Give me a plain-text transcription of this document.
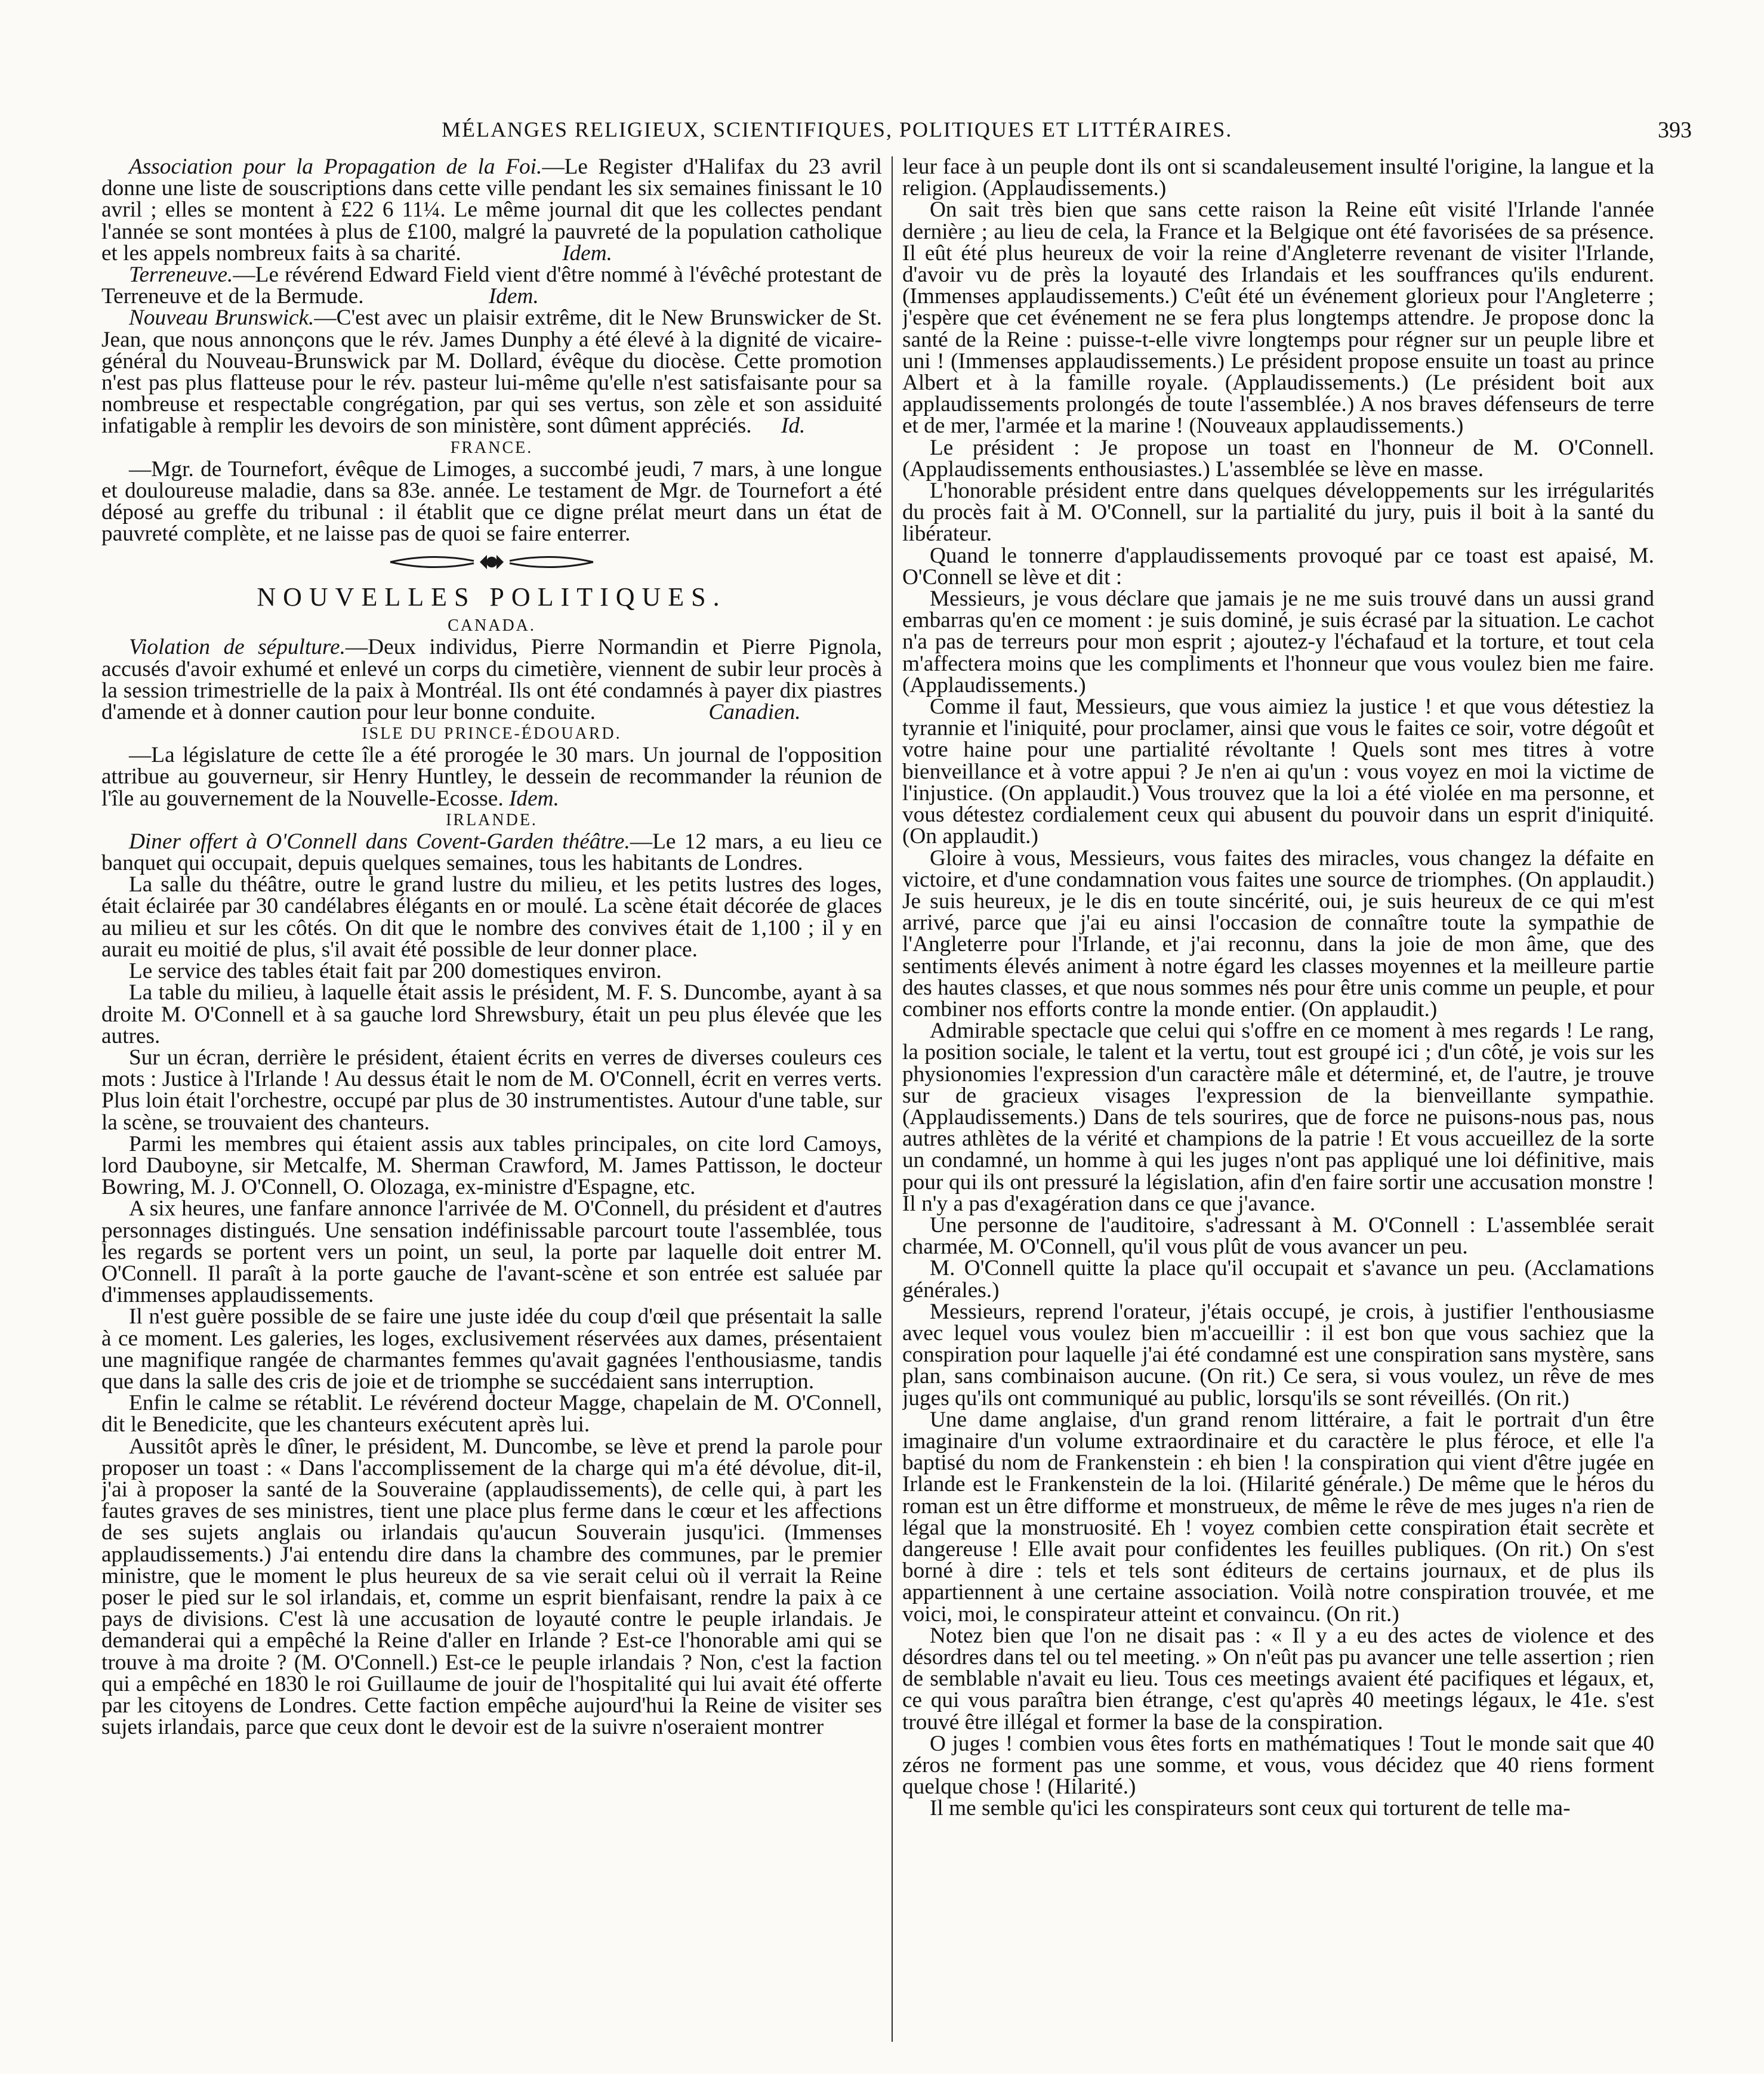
MÉLANGES RELIGIEUX, SCIENTIFIQUES, POLITIQUES ET LITTÉRAIRES.	393

Association pour la Propagation de la Foi.—Le Register d'Halifax du 23 avril donne une liste de souscriptions dans cette ville pendant les six semaines finissant le 10 avril ; elles se montent à £22 6 11¼. Le même journal dit que les collectes pendant l'année se sont montées à plus de £100, malgré la pauvreté de la population catholique et les appels nombreux faits à sa charité.	Idem.

Terreneuve.—Le révérend Edward Field vient d'être nommé à l'évêché protestant de Terreneuve et de la Bermude.	Idem.

Nouveau Brunswick.—C'est avec un plaisir extrême, dit le New Brunswicker de St. Jean, que nous annonçons que le rév. James Dunphy a été élevé à la dignité de vicaire-général du Nouveau-Brunswick par M. Dollard, évêque du diocèse. Cette promotion n'est pas plus flatteuse pour le rév. pasteur lui-même qu'elle n'est satisfaisante pour sa nombreuse et respectable congrégation, par qui ses vertus, son zèle et son assiduité infatigable à remplir les devoirs de son ministère, sont dûment appréciés. Id.

FRANCE.

—Mgr. de Tournefort, évêque de Limoges, a succombé jeudi, 7 mars, à une longue et douloureuse maladie, dans sa 83e. année. Le testament de Mgr. de Tournefort a été déposé au greffe du tribunal : il établit que ce digne prélat meurt dans un état de pauvreté complète, et ne laisse pas de quoi se faire enterrer.

NOUVELLES POLITIQUES.

CANADA.

Violation de sépulture.—Deux individus, Pierre Normandin et Pierre Pignola, accusés d'avoir exhumé et enlevé un corps du cimetière, viennent de subir leur procès à la session trimestrielle de la paix à Montréal. Ils ont été condamnés à payer dix piastres d'amende et à donner caution pour leur bonne conduite.	Canadien.

ISLE DU PRINCE-ÉDOUARD.

—La législature de cette île a été prorogée le 30 mars. Un journal de l'opposition attribue au gouverneur, sir Henry Huntley, le dessein de recommander la réunion de l'île au gouvernement de la Nouvelle-Ecosse. Idem.

IRLANDE.

Diner offert à O'Connell dans Covent-Garden théâtre.—Le 12 mars, a eu lieu ce banquet qui occupait, depuis quelques semaines, tous les habitants de Londres.

La salle du théâtre, outre le grand lustre du milieu, et les petits lustres des loges, était éclairée par 30 candélabres élégants en or moulé. La scène était décorée de glaces au milieu et sur les côtés. On dit que le nombre des convives était de 1,100 ; il y en aurait eu moitié de plus, s'il avait été possible de leur donner place.

Le service des tables était fait par 200 domestiques environ.

La table du milieu, à laquelle était assis le président, M. F. S. Duncombe, ayant à sa droite M. O'Connell et à sa gauche lord Shrewsbury, était un peu plus élevée que les autres.

Sur un écran, derrière le président, étaient écrits en verres de diverses couleurs ces mots : Justice à l'Irlande ! Au dessus était le nom de M. O'Connell, écrit en verres verts. Plus loin était l'orchestre, occupé par plus de 30 instrumentistes. Autour d'une table, sur la scène, se trouvaient des chanteurs.

Parmi les membres qui étaient assis aux tables principales, on cite lord Camoys, lord Dauboyne, sir Metcalfe, M. Sherman Crawford, M. James Pattisson, le docteur Bowring, M. J. O'Connell, O. Olozaga, ex-ministre d'Espagne, etc.

A six heures, une fanfare annonce l'arrivée de M. O'Connell, du président et d'autres personnages distingués. Une sensation indéfinissable parcourt toute l'assemblée, tous les regards se portent vers un point, un seul, la porte par laquelle doit entrer M. O'Connell. Il paraît à la porte gauche de l'avant-scène et son entrée est saluée par d'immenses applaudissements.

Il n'est guère possible de se faire une juste idée du coup d'œil que présentait la salle à ce moment. Les galeries, les loges, exclusivement réservées aux dames, présentaient une magnifique rangée de charmantes femmes qu'avait gagnées l'enthousiasme, tandis que dans la salle des cris de joie et de triomphe se succédaient sans interruption.

Enfin le calme se rétablit. Le révérend docteur Magge, chapelain de M. O'Connell, dit le Benedicite, que les chanteurs exécutent après lui.

Aussitôt après le dîner, le président, M. Duncombe, se lève et prend la parole pour proposer un toast : « Dans l'accomplissement de la charge qui m'a été dévolue, dit-il, j'ai à proposer la santé de la Souveraine (applaudissements), de celle qui, à part les fautes graves de ses ministres, tient une place plus ferme dans le cœur et les affections de ses sujets anglais ou irlandais qu'aucun Souverain jusqu'ici. (Immenses applaudissements.) J'ai entendu dire dans la chambre des communes, par le premier ministre, que le moment le plus heureux de sa vie serait celui où il verrait la Reine poser le pied sur le sol irlandais, et, comme un esprit bienfaisant, rendre la paix à ce pays de divisions. C'est là une accusation de loyauté contre le peuple irlandais. Je demanderai qui a empêché la Reine d'aller en Irlande ? Est-ce l'honorable ami qui se trouve à ma droite ? (M. O'Connell.) Est-ce le peuple irlandais ? Non, c'est la faction qui a empêché en 1830 le roi Guillaume de jouir de l'hospitalité qui lui avait été offerte par les citoyens de Londres. Cette faction empêche aujourd'hui la Reine de visiter ses sujets irlandais, parce que ceux dont le devoir est de la suivre n'oseraient montrer

leur face à un peuple dont ils ont si scandaleusement insulté l'origine, la langue et la religion. (Applaudissements.)

On sait très bien que sans cette raison la Reine eût visité l'Irlande l'année dernière ; au lieu de cela, la France et la Belgique ont été favorisées de sa présence. Il eût été plus heureux de voir la reine d'Angleterre revenant de visiter l'Irlande, d'avoir vu de près la loyauté des Irlandais et les souffrances qu'ils endurent. (Immenses applaudissements.) C'eût été un événement glorieux pour l'Angleterre ; j'espère que cet événement ne se fera plus longtemps attendre. Je propose donc la santé de la Reine : puisse-t-elle vivre longtemps pour régner sur un peuple libre et uni ! (Immenses applaudissements.) Le président propose ensuite un toast au prince Albert et à la famille royale. (Applaudissements.) (Le président boit aux applaudissements prolongés de toute l'assemblée.) A nos braves défenseurs de terre et de mer, l'armée et la marine ! (Nouveaux applaudissements.)

Le président : Je propose un toast en l'honneur de M. O'Connell. (Applaudissements enthousiastes.) L'assemblée se lève en masse.

L'honorable président entre dans quelques développements sur les irrégularités du procès fait à M. O'Connell, sur la partialité du jury, puis il boit à la santé du libérateur.

Quand le tonnerre d'applaudissements provoqué par ce toast est apaisé, M. O'Connell se lève et dit :

Messieurs, je vous déclare que jamais je ne me suis trouvé dans un aussi grand embarras qu'en ce moment : je suis dominé, je suis écrasé par la situation. Le cachot n'a pas de terreurs pour mon esprit ; ajoutez-y l'échafaud et la torture, et tout cela m'affectera moins que les compliments et l'honneur que vous voulez bien me faire. (Applaudissements.)

Comme il faut, Messieurs, que vous aimiez la justice ! et que vous détestiez la tyrannie et l'iniquité, pour proclamer, ainsi que vous le faites ce soir, votre dégoût et votre haine pour une partialité révoltante ! Quels sont mes titres à votre bienveillance et à votre appui ? Je n'en ai qu'un : vous voyez en moi la victime de l'injustice. (On applaudit.) Vous trouvez que la loi a été violée en ma personne, et vous détestez cordialement ceux qui abusent du pouvoir dans un esprit d'iniquité. (On applaudit.)

Gloire à vous, Messieurs, vous faites des miracles, vous changez la défaite en victoire, et d'une condamnation vous faites une source de triomphes. (On applaudit.) Je suis heureux, je le dis en toute sincérité, oui, je suis heureux de ce qui m'est arrivé, parce que j'ai eu ainsi l'occasion de connaître toute la sympathie de l'Angleterre pour l'Irlande, et j'ai reconnu, dans la joie de mon âme, que des sentiments élevés animent à notre égard les classes moyennes et la meilleure partie des hautes classes, et que nous sommes nés pour être unis comme un peuple, et pour combiner nos efforts contre la monde entier. (On applaudit.)

Admirable spectacle que celui qui s'offre en ce moment à mes regards ! Le rang, la position sociale, le talent et la vertu, tout est groupé ici ; d'un côté, je vois sur les physionomies l'expression d'un caractère mâle et déterminé, et, de l'autre, je trouve sur de gracieux visages l'expression de la bienveillante sympathie. (Applaudissements.) Dans de tels sourires, que de force ne puisons-nous pas, nous autres athlètes de la vérité et champions de la patrie ! Et vous accueillez de la sorte un condamné, un homme à qui les juges n'ont pas appliqué une loi définitive, mais pour qui ils ont pressuré la législation, afin d'en faire sortir une accusation monstre ! Il n'y a pas d'exagération dans ce que j'avance.

Une personne de l'auditoire, s'adressant à M. O'Connell : L'assemblée serait charmée, M. O'Connell, qu'il vous plût de vous avancer un peu.

M. O'Connell quitte la place qu'il occupait et s'avance un peu. (Acclamations générales.)

Messieurs, reprend l'orateur, j'étais occupé, je crois, à justifier l'enthousiasme avec lequel vous voulez bien m'accueillir : il est bon que vous sachiez que la conspiration pour laquelle j'ai été condamné est une conspiration sans mystère, sans plan, sans combinaison aucune. (On rit.) Ce sera, si vous voulez, un rêve de mes juges qu'ils ont communiqué au public, lorsqu'ils se sont réveillés. (On rit.)

Une dame anglaise, d'un grand renom littéraire, a fait le portrait d'un être imaginaire d'un volume extraordinaire et du caractère le plus féroce, et elle l'a baptisé du nom de Frankenstein : eh bien ! la conspiration qui vient d'être jugée en Irlande est le Frankenstein de la loi. (Hilarité générale.) De même que le héros du roman est un être difforme et monstrueux, de même le rêve de mes juges n'a rien de légal que la monstruosité. Eh ! voyez combien cette conspiration était secrète et dangereuse ! Elle avait pour confidentes les feuilles publiques. (On rit.) On s'est borné à dire : tels et tels sont éditeurs de certains journaux, et de plus ils appartiennent à une certaine association. Voilà notre conspiration trouvée, et me voici, moi, le conspirateur atteint et convaincu. (On rit.)

Notez bien que l'on ne disait pas : « Il y a eu des actes de violence et des désordres dans tel ou tel meeting. » On n'eût pas pu avancer une telle assertion ; rien de semblable n'avait eu lieu. Tous ces meetings avaient été pacifiques et légaux, et, ce qui vous paraîtra bien étrange, c'est qu'après 40 meetings légaux, le 41e. s'est trouvé être illégal et former la base de la conspiration.

O juges ! combien vous êtes forts en mathématiques ! Tout le monde sait que 40 zéros ne forment pas une somme, et vous, vous décidez que 40 riens forment quelque chose ! (Hilarité.)

Il me semble qu'ici les conspirateurs sont ceux qui torturent de telle ma-
